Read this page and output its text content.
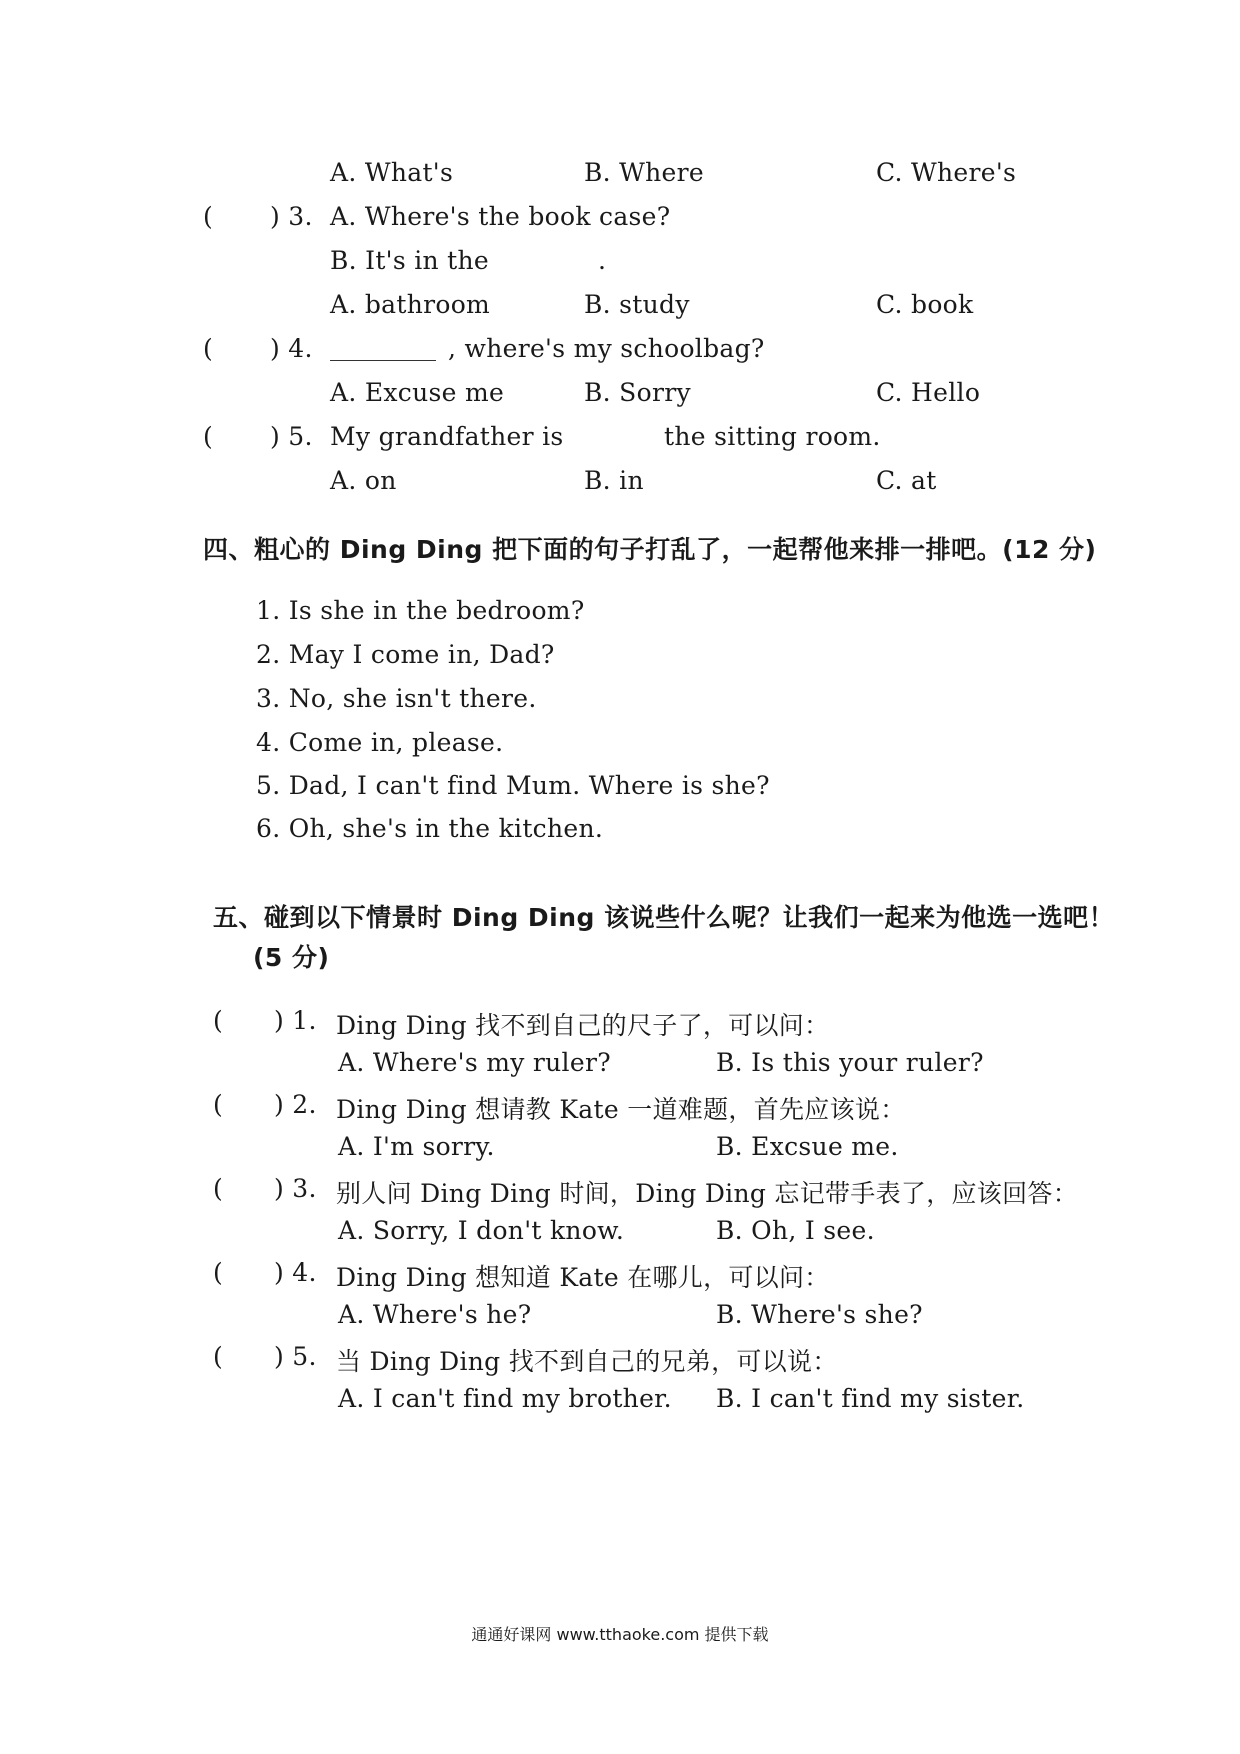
A. What's	B. Where	C. Where's
( ) 3. A. Where's the book case?
B. It's in the	.
A. bathroom	B. study	C. book
( ) 4.	, where's my schoolbag?
A. Excuse me	B. Sorry	C. Hello
( ) 5. My grandfather is	the sitting room.
A. on	B. in	C. at
四、粗心的 Ding Ding 把下面的句子打乱了，一起帮他来排一排吧。(12 分)
1. Is she in the bedroom?
2. May I come in, Dad?
3. No, she isn't there.
4. Come in, please.
5. Dad, I can't find Mum. Where is she?
6. Oh, she's in the kitchen.
五、碰到以下情景时 Ding Ding 该说些什么呢？让我们一起来为他选一选吧！
(5 分)
( ) 1. Ding Ding 找不到自己的尺子了，可以问：
A. Where's my ruler?	B. Is this your ruler?
( ) 2. Ding Ding 想请教 Kate 一道难题，首先应该说：
A. I'm sorry.	B. Excsue me.
( ) 3. 别人问 Ding Ding 时间，Ding Ding 忘记带手表了，应该回答：
A. Sorry, I don't know.	B. Oh, I see.
( ) 4. Ding Ding 想知道 Kate 在哪儿，可以问：
A. Where's he?	B. Where's she?
( ) 5. 当 Ding Ding 找不到自己的兄弟，可以说：
A. I can't find my brother. B. I can't find my sister.
通通好课网 www.tthaoke.com 提供下载
